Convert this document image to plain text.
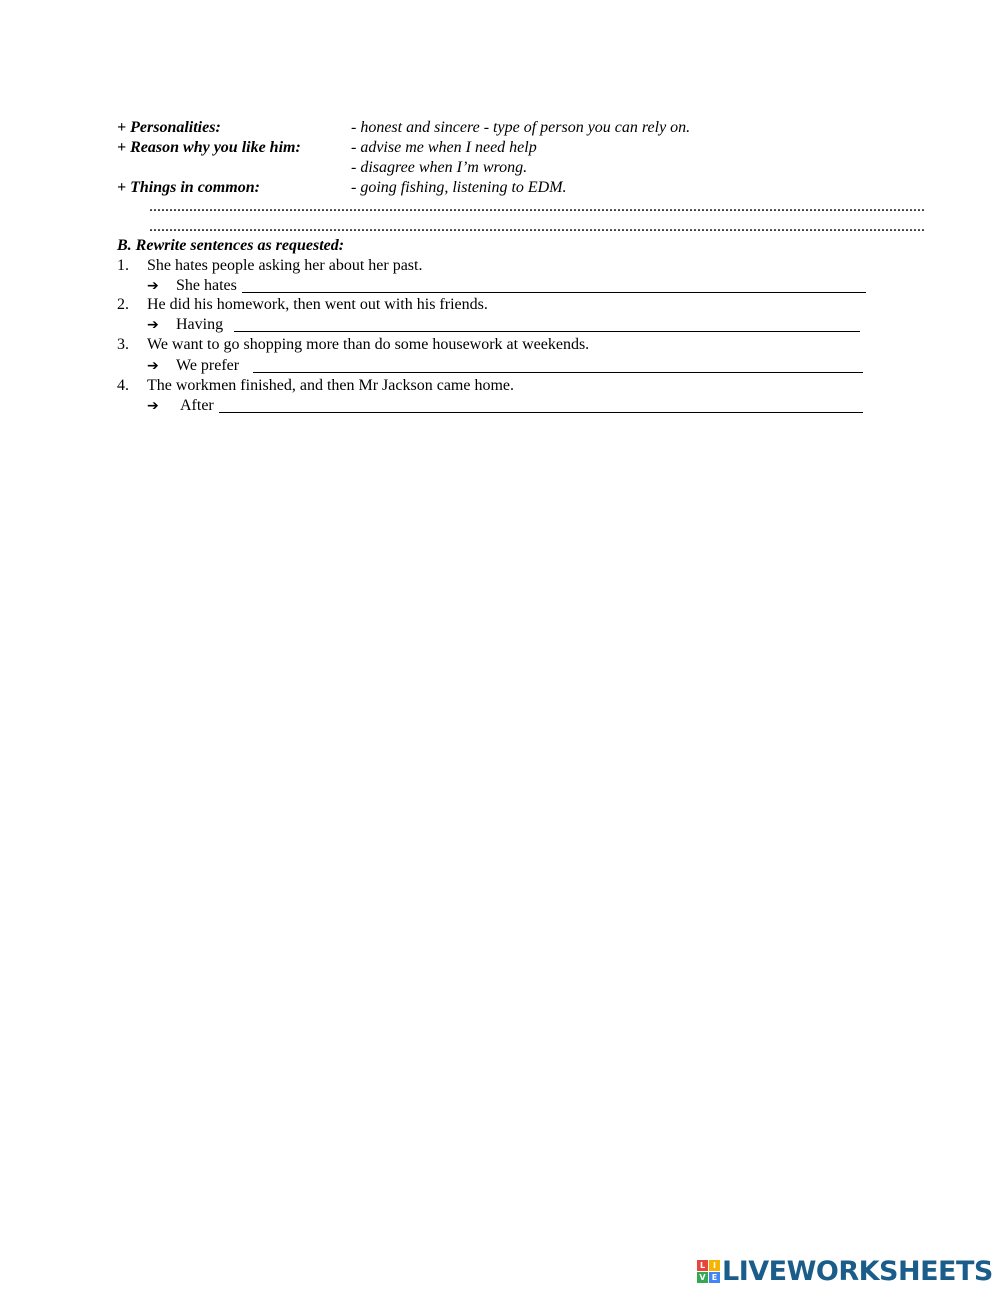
+ Personalities:	- honest and sincere - type of person you can rely on.
+ Reason why you like him:	- advise me when I need help
- disagree when I’m wrong.
+ Things in common:	- going fishing, listening to EDM.
..................................................................................................................................................................................................
..................................................................................................................................................................................................
B. Rewrite sentences as requested:
1. She hates people asking her about her past.
➔ She hates
2. He did his homework, then went out with his friends.
➔ Having
3. We want to go shopping more than do some housework at weekends.
➔ We prefer
4. The workmen finished, and then Mr Jackson came home.
➔ After
L I
V E LIVEWORKSHEETS
